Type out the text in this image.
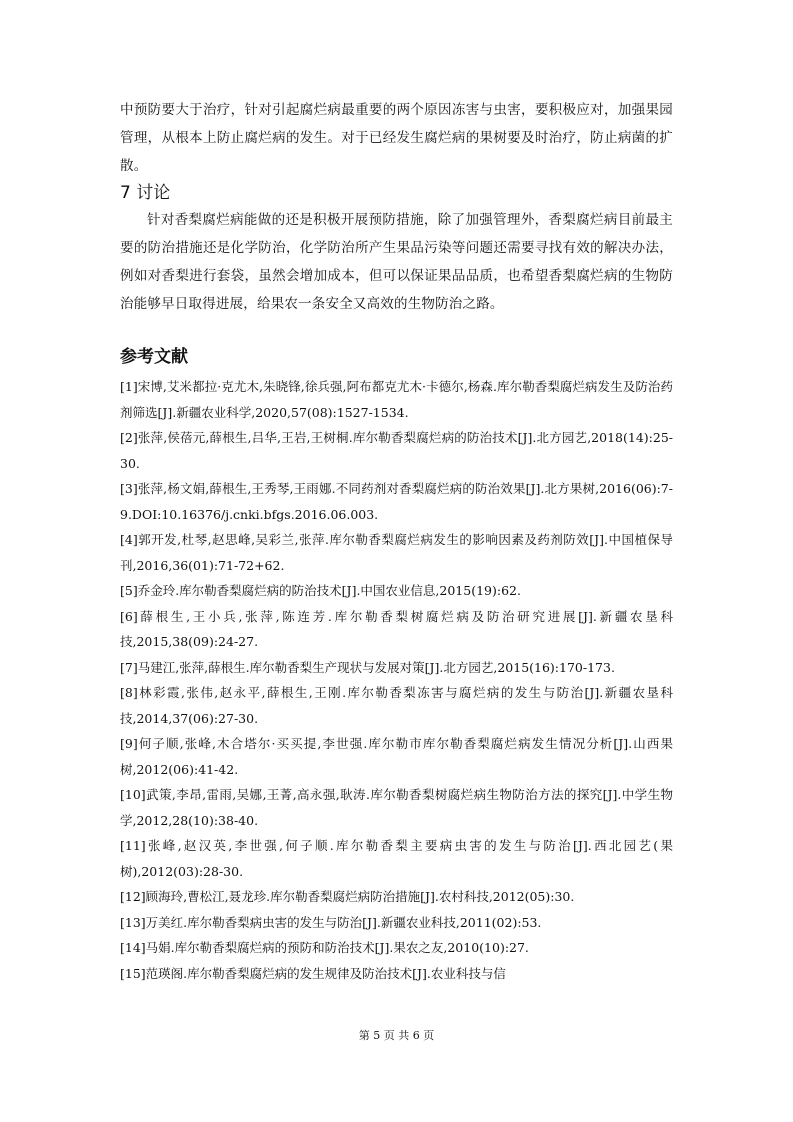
中预防要大于治疗，针对引起腐烂病最重要的两个原因冻害与虫害，要积极应对，加强果园管理，从根本上防止腐烂病的发生。对于已经发生腐烂病的果树要及时治疗，防止病菌的扩散。

7 讨论

针对香梨腐烂病能做的还是积极开展预防措施，除了加强管理外，香梨腐烂病目前最主要的防治措施还是化学防治，化学防治所产生果品污染等问题还需要寻找有效的解决办法，例如对香梨进行套袋，虽然会增加成本，但可以保证果品品质，也希望香梨腐烂病的生物防治能够早日取得进展，给果农一条安全又高效的生物防治之路。

参考文献
[1]宋博,艾米都拉·克尤木,朱晓锋,徐兵强,阿布都克尤木·卡德尔,杨森.库尔勒香梨腐烂病发生及防治药剂筛选[J].新疆农业科学,2020,57(08):1527-1534.
[2]张萍,侯蓓元,薛根生,吕华,王岩,王树桐.库尔勒香梨腐烂病的防治技术[J].北方园艺,2018(14):25-30.
[3]张萍,杨文娟,薛根生,王秀琴,王雨娜.不同药剂对香梨腐烂病的防治效果[J].北方果树,2016(06):7-9.DOI:10.16376/j.cnki.bfgs.2016.06.003.
[4]郭开发,杜琴,赵思峰,吴彩兰,张萍.库尔勒香梨腐烂病发生的影响因素及药剂防效[J].中国植保导刊,2016,36(01):71-72+62.
[5]乔金玲.库尔勒香梨腐烂病的防治技术[J].中国农业信息,2015(19):62.
[6]薛根生,王小兵,张萍,陈连芳.库尔勒香梨树腐烂病及防治研究进展[J].新疆农垦科技,2015,38(09):24-27.
[7]马建江,张萍,薛根生.库尔勒香梨生产现状与发展对策[J].北方园艺,2015(16):170-173.
[8]林彩霞,张伟,赵永平,薛根生,王刚.库尔勒香梨冻害与腐烂病的发生与防治[J].新疆农垦科技,2014,37(06):27-30.
[9]何子顺,张峰,木合塔尔·买买提,李世强.库尔勒市库尔勒香梨腐烂病发生情况分析[J].山西果树,2012(06):41-42.
[10]武策,李昂,雷雨,吴娜,王菁,高永强,耿涛.库尔勒香梨树腐烂病生物防治方法的探究[J].中学生物学,2012,28(10):38-40.
[11]张峰,赵汉英,李世强,何子顺.库尔勒香梨主要病虫害的发生与防治[J].西北园艺(果树),2012(03):28-30.
[12]顾海玲,曹松江,聂龙珍.库尔勒香梨腐烂病防治措施[J].农村科技,2012(05):30.
[13]万美红.库尔勒香梨病虫害的发生与防治[J].新疆农业科技,2011(02):53.
[14]马娟.库尔勒香梨腐烂病的预防和防治技术[J].果农之友,2010(10):27.
[15]范瑛阁.库尔勒香梨腐烂病的发生规律及防治技术[J].农业科技与信
第 5 页 共 6 页
